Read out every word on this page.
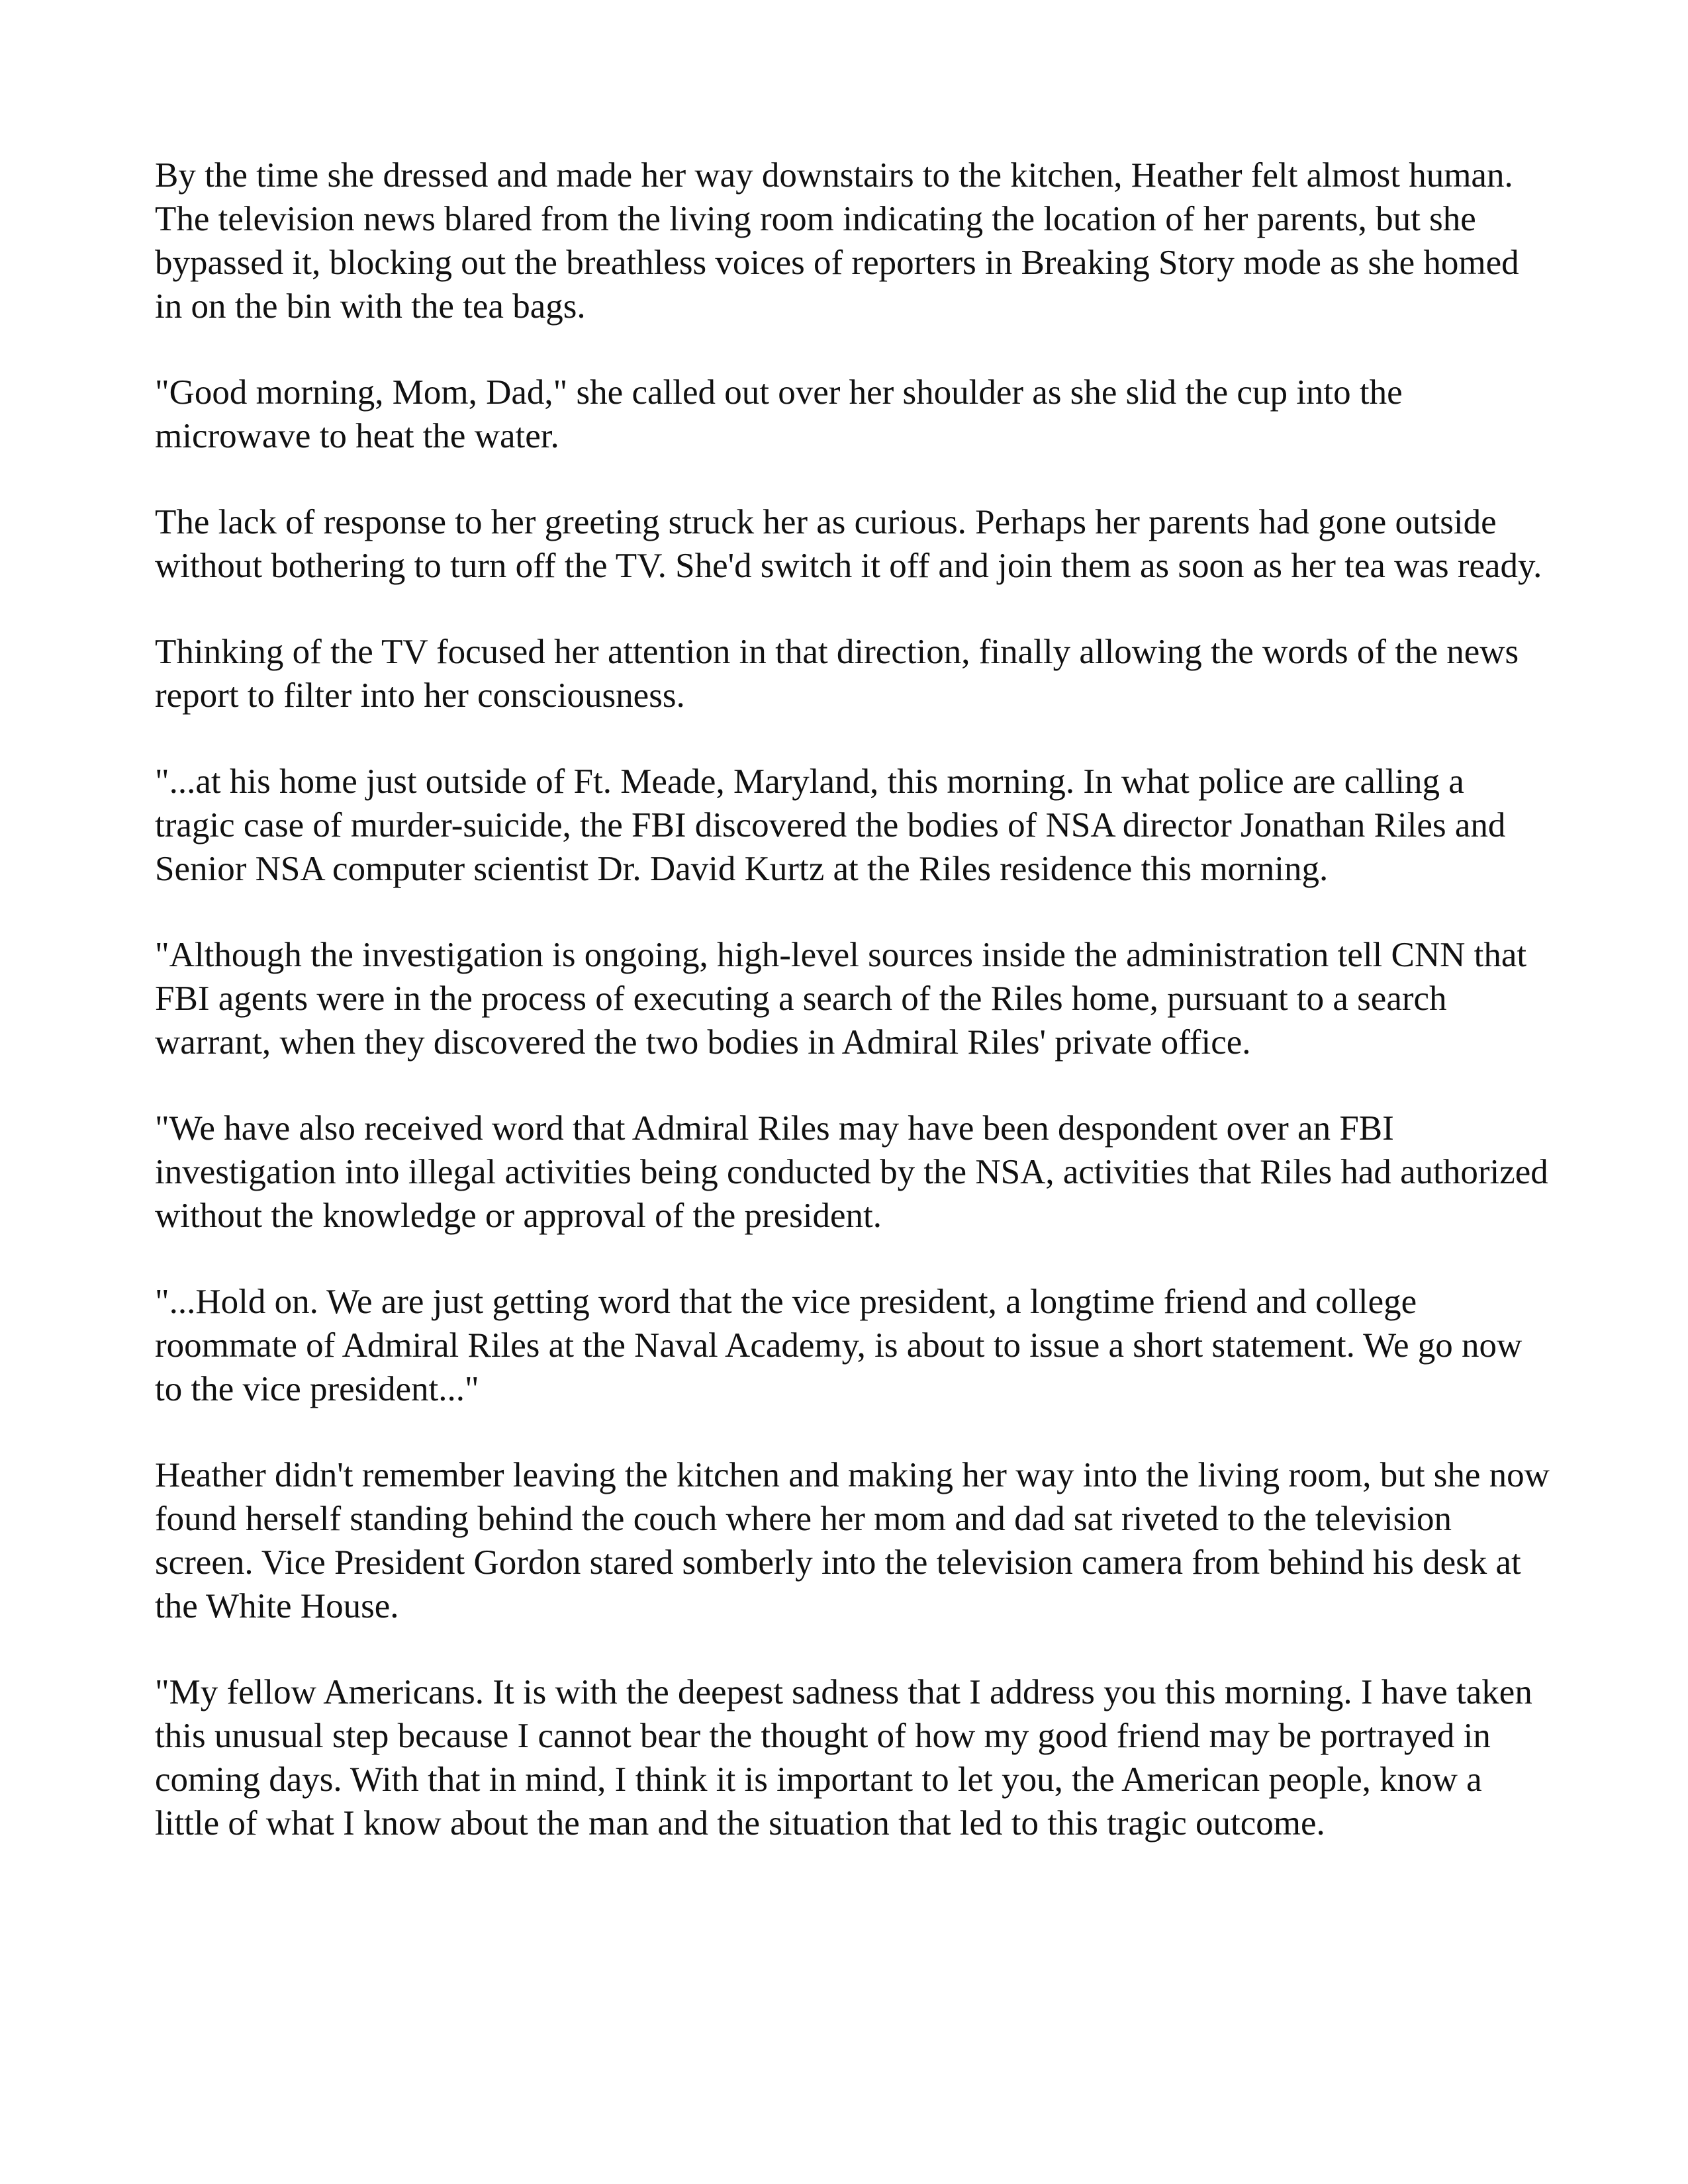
By the time she dressed and made her way downstairs to the kitchen, Heather felt almost human. The television news blared from the living room indicating the location of her parents, but she bypassed it, blocking out the breathless voices of reporters in Breaking Story mode as she homed in on the bin with the tea bags.

"Good morning, Mom, Dad," she called out over her shoulder as she slid the cup into the microwave to heat the water.

The lack of response to her greeting struck her as curious. Perhaps her parents had gone outside without bothering to turn off the TV. She'd switch it off and join them as soon as her tea was ready.

Thinking of the TV focused her attention in that direction, finally allowing the words of the news report to filter into her consciousness.

"...at his home just outside of Ft. Meade, Maryland, this morning. In what police are calling a tragic case of murder-suicide, the FBI discovered the bodies of NSA director Jonathan Riles and Senior NSA computer scientist Dr. David Kurtz at the Riles residence this morning.

"Although the investigation is ongoing, high-level sources inside the administration tell CNN that FBI agents were in the process of executing a search of the Riles home, pursuant to a search warrant, when they discovered the two bodies in Admiral Riles' private office.

"We have also received word that Admiral Riles may have been despondent over an FBI investigation into illegal activities being conducted by the NSA, activities that Riles had authorized without the knowledge or approval of the president.

"...Hold on. We are just getting word that the vice president, a longtime friend and college roommate of Admiral Riles at the Naval Academy, is about to issue a short statement. We go now to the vice president..."

Heather didn't remember leaving the kitchen and making her way into the living room, but she now found herself standing behind the couch where her mom and dad sat riveted to the television screen. Vice President Gordon stared somberly into the television camera from behind his desk at the White House.

"My fellow Americans. It is with the deepest sadness that I address you this morning. I have taken this unusual step because I cannot bear the thought of how my good friend may be portrayed in coming days. With that in mind, I think it is important to let you, the American people, know a little of what I know about the man and the situation that led to this tragic outcome.
